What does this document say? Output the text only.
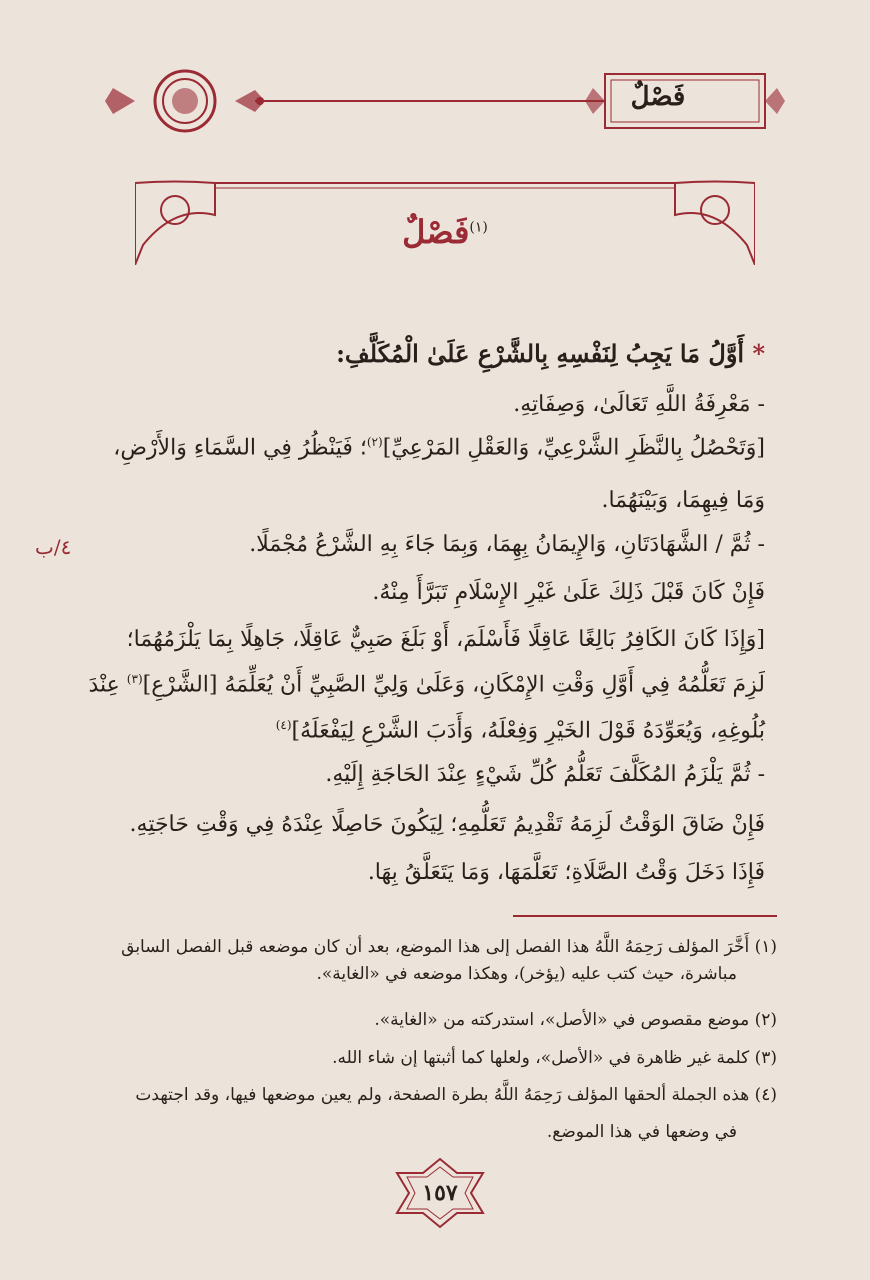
فَصْلٌ
$^{(١)}$فَصْلٌ
* أَوَّلُ مَا يَجِبُ لِنَفْسِهِ بِالشَّرْعِ عَلَىٰ الْمُكَلَّفِ:
- مَعْرِفَةُ اللَّهِ تَعَالَىٰ، وَصِفَاتِهِ.
[وَتَحْصُلُ بِالنَّظَرِ الشَّرْعِيِّ، وَالعَقْلِ المَرْعِيِّ]$^{(٢)}$؛ فَيَنْظُرُ فِي السَّمَاءِ وَالأَرْضِ،
وَمَا فِيهِمَا، وَبَيْنَهُمَا.
- ثُمَّ / الشَّهَادَتَانِ، وَالإِيمَانُ بِهِمَا، وَبِمَا جَاءَ بِهِ الشَّرْعُ مُجْمَلًا.
٤/ب
فَإِنْ كَانَ قَبْلَ ذَلِكَ عَلَىٰ غَيْرِ الإِسْلَامِ تَبَرَّأَ مِنْهُ.
[وَإِذَا كَانَ الكَافِرُ بَالِغًا عَاقِلًا فَأَسْلَمَ، أَوْ بَلَغَ صَبِيٌّ عَاقِلًا، جَاهِلًا بِمَا يَلْزَمُهُمَا؛
لَزِمَ تَعَلُّمُهُ فِي أَوَّلِ وَقْتِ الإِمْكَانِ، وَعَلَىٰ وَلِيِّ الصَّبِيِّ أَنْ يُعَلِّمَهُ [الشَّرْعِ]$^{(٣)}$ عِنْدَ
بُلُوغِهِ، وَيُعَوِّدَهُ قَوْلَ الخَيْرِ وَفِعْلَهُ، وَأَدَبَ الشَّرْعِ لِيَفْعَلَهُ]$^{(٤)}$
- ثُمَّ يَلْزَمُ المُكَلَّفَ تَعَلُّمُ كُلِّ شَيْءٍ عِنْدَ الحَاجَةِ إِلَيْهِ.
فَإِنْ ضَاقَ الوَقْتُ لَزِمَهُ تَقْدِيمُ تَعَلُّمِهِ؛ لِيَكُونَ حَاصِلًا عِنْدَهُ فِي وَقْتِ حَاجَتِهِ.
فَإِذَا دَخَلَ وَقْتُ الصَّلَاةِ؛ تَعَلَّمَهَا، وَمَا يَتَعَلَّقُ بِهَا.
(١) أَخَّرَ المؤلف رَحِمَهُ اللَّهُ هذا الفصل إلى هذا الموضع، بعد أن كان موضعه قبل الفصل السابق
مباشرة، حيث كتب عليه (يؤخر)، وهكذا موضعه في «الغاية».
(٢) موضع مقصوص في «الأصل»، استدركته من «الغاية».
(٣) كلمة غير ظاهرة في «الأصل»، ولعلها كما أثبتها إن شاء الله.
(٤) هذه الجملة ألحقها المؤلف رَحِمَهُ اللَّهُ بطرة الصفحة، ولم يعين موضعها فيها، وقد اجتهدت
في وضعها في هذا الموضع.
١٥٧
